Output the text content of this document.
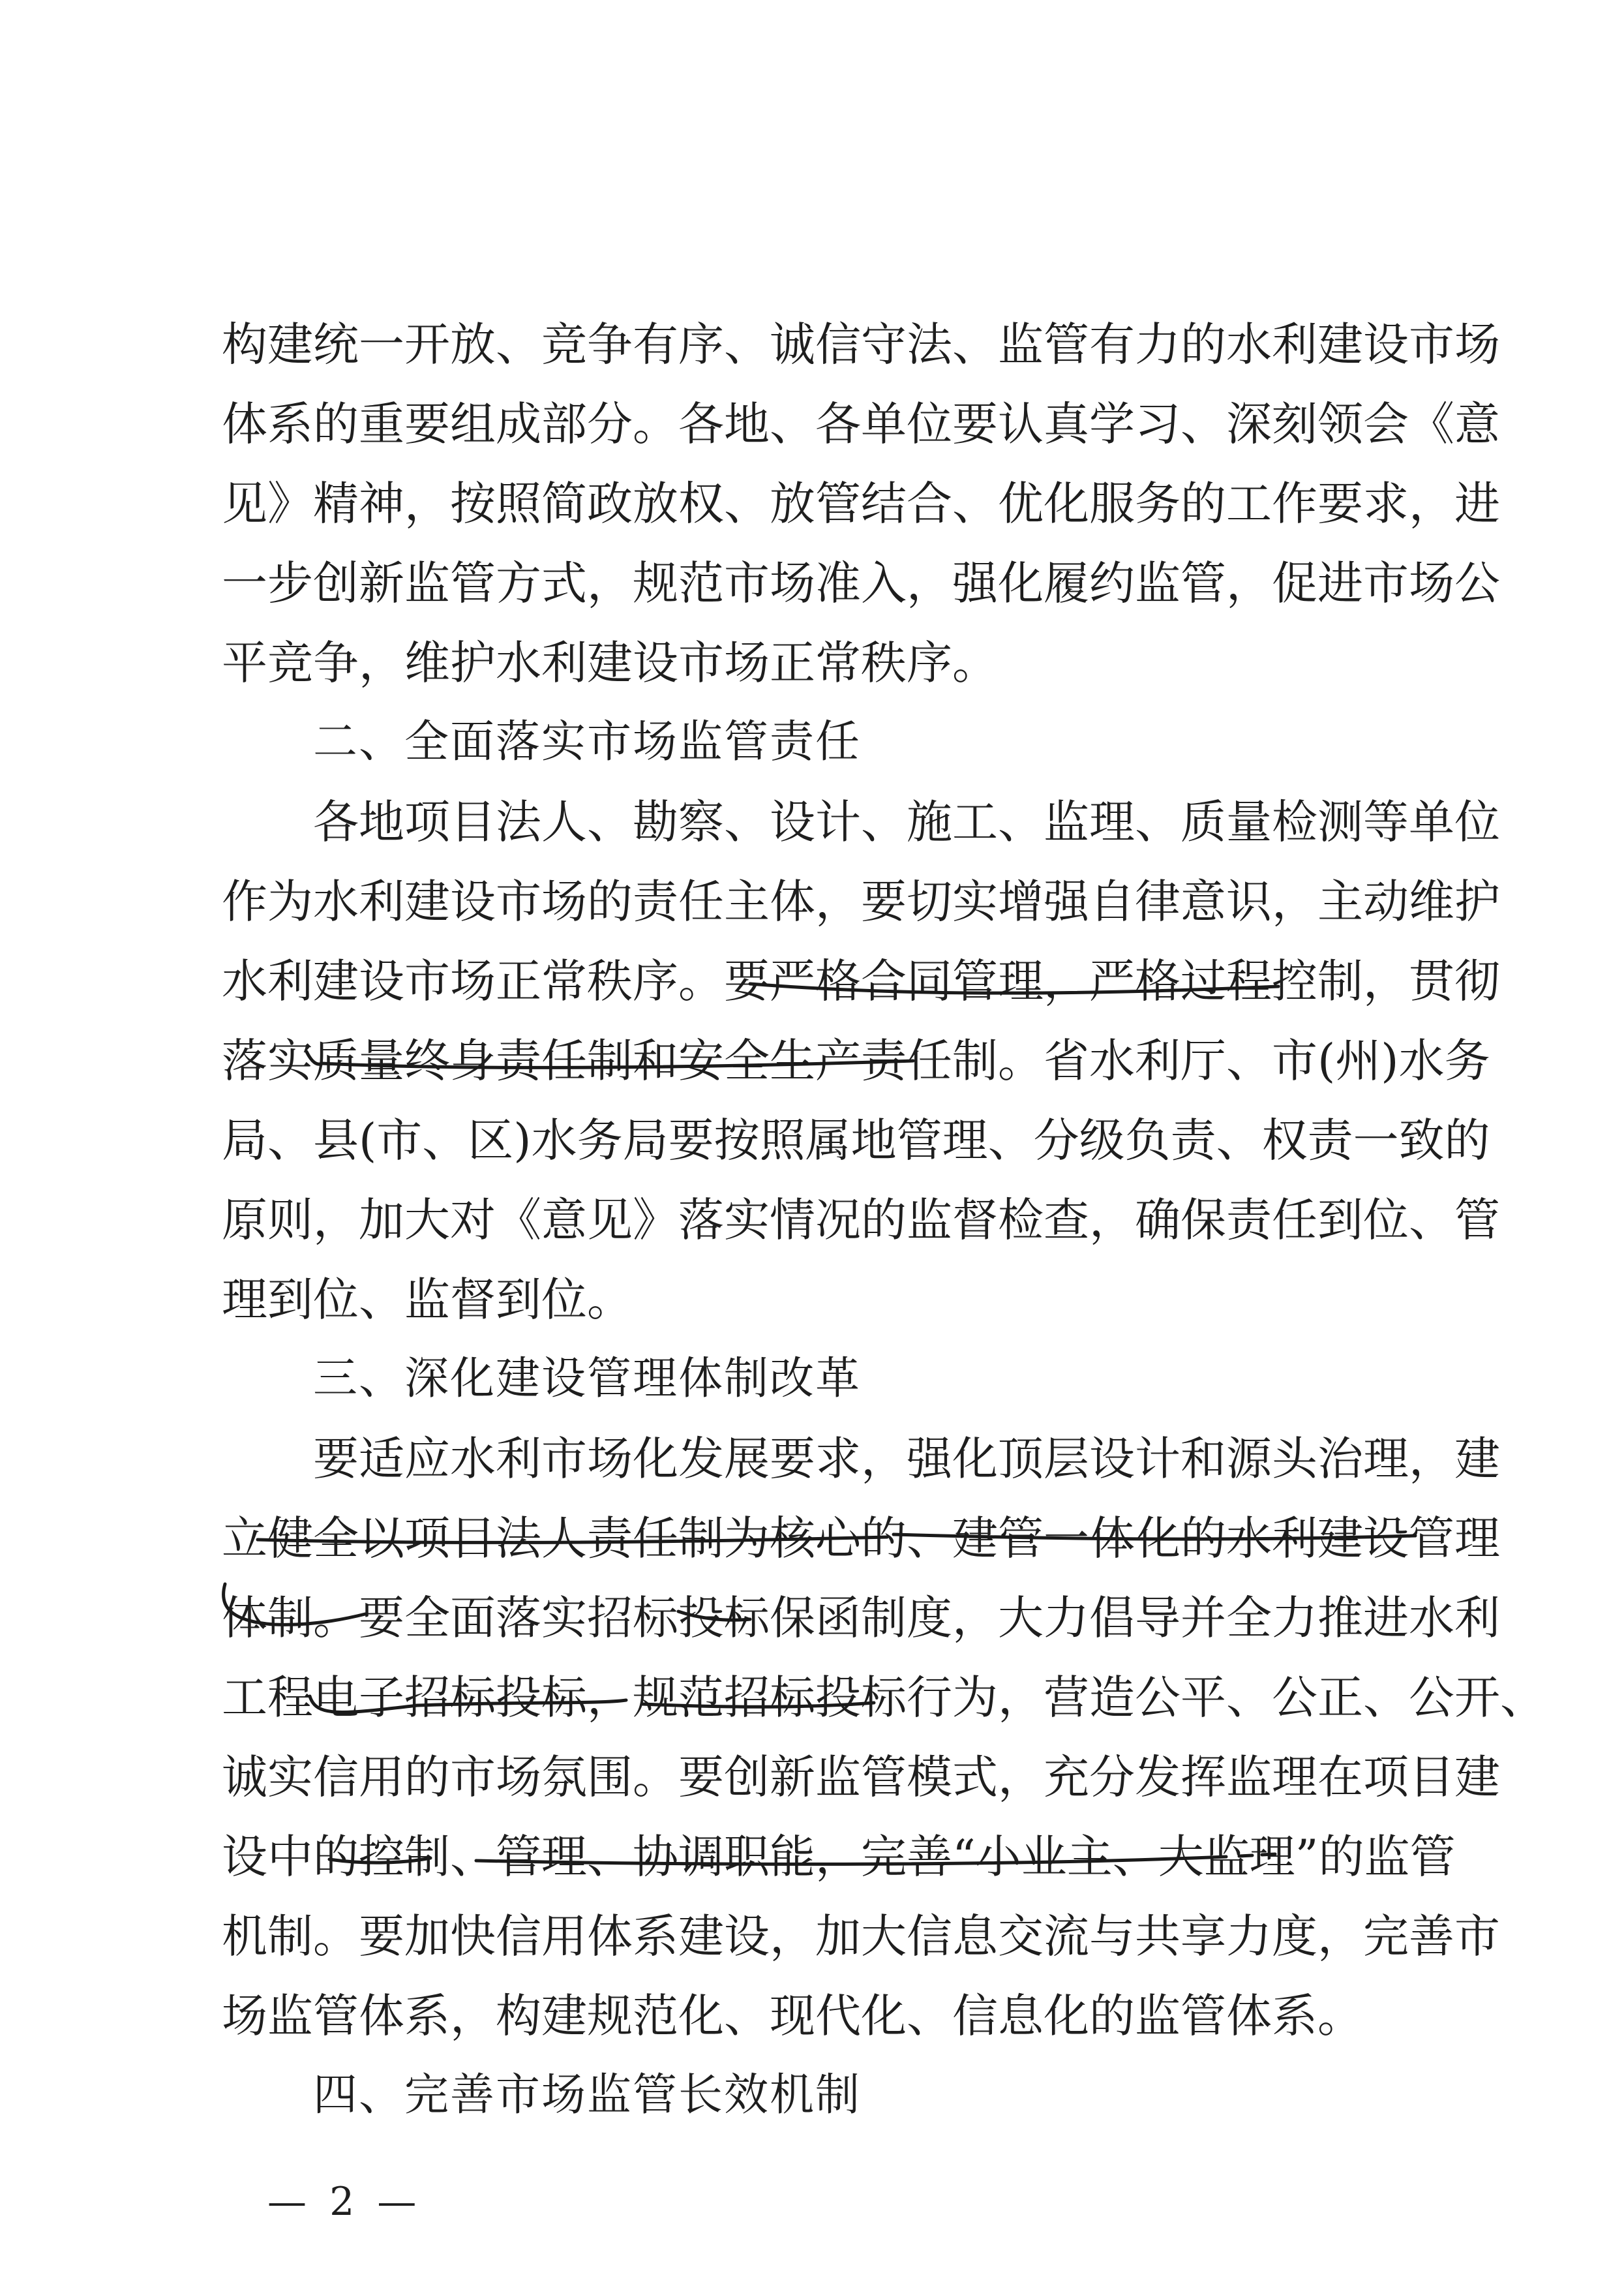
构建统一开放、竞争有序、诚信守法、监管有力的水利建设市场
体系的重要组成部分。各地、各单位要认真学习、深刻领会《意
见》精神，按照简政放权、放管结合、优化服务的工作要求，进
一步创新监管方式，规范市场准入，强化履约监管，促进市场公
平竞争，维护水利建设市场正常秩序。
二、全面落实市场监管责任
各地项目法人、勘察、设计、施工、监理、质量检测等单位
作为水利建设市场的责任主体，要切实增强自律意识，主动维护
水利建设市场正常秩序。要严格合同管理，严格过程控制，贯彻
落实质量终身责任制和安全生产责任制。省水利厅、市(州)水务
局、县(市、区)水务局要按照属地管理、分级负责、权责一致的
原则，加大对《意见》落实情况的监督检查，确保责任到位、管
理到位、监督到位。
三、深化建设管理体制改革
要适应水利市场化发展要求，强化顶层设计和源头治理，建
立健全以项目法人责任制为核心的、建管一体化的水利建设管理
体制。要全面落实招标投标保函制度，大力倡导并全力推进水利
工程电子招标投标，规范招标投标行为，营造公平、公正、公开、
诚实信用的市场氛围。要创新监管模式，充分发挥监理在项目建
设中的控制、管理、协调职能，完善“小业主、大监理”的监管
机制。要加快信用体系建设，加大信息交流与共享力度，完善市
场监管体系，构建规范化、现代化、信息化的监管体系。
四、完善市场监管长效机制
— 2 —
